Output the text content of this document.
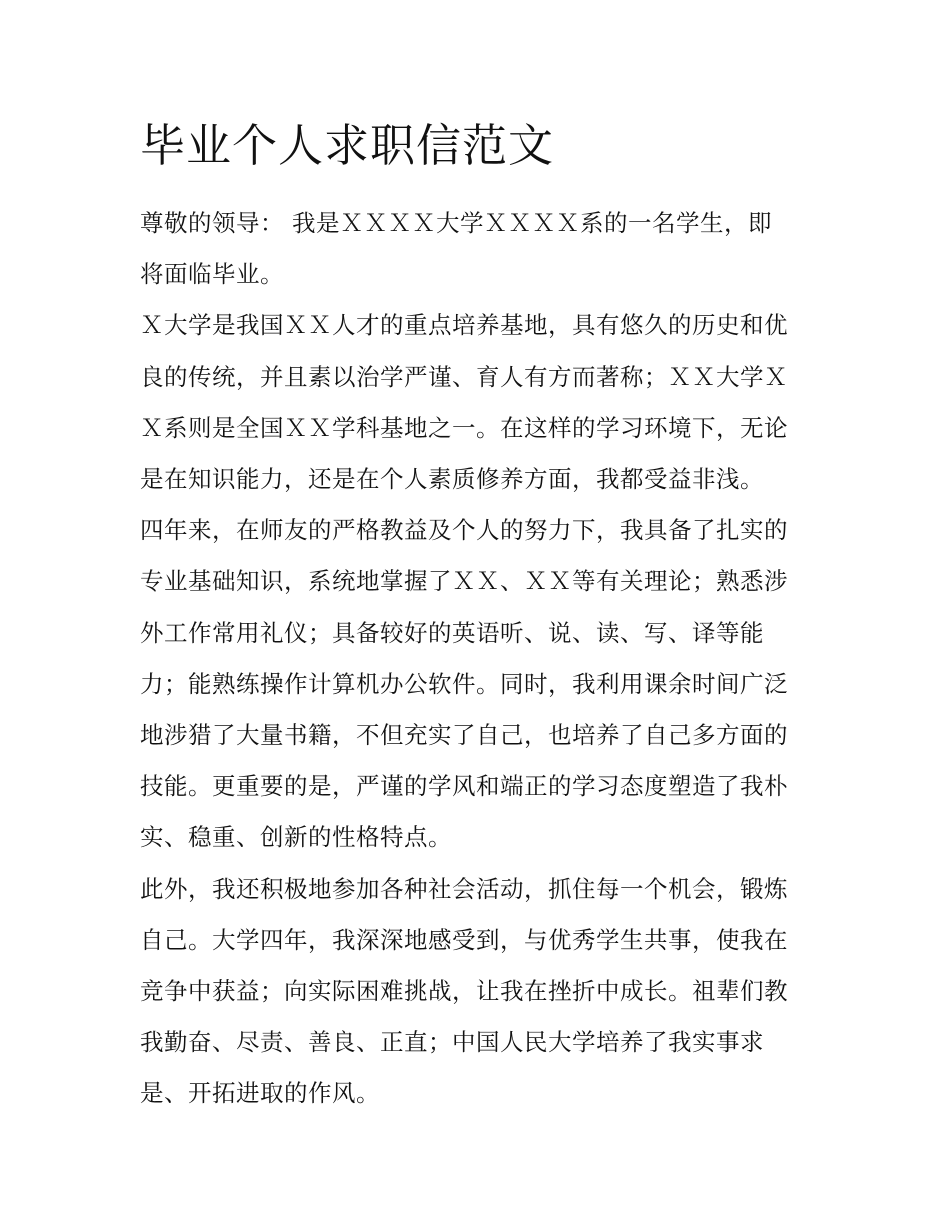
毕业个人求职信范文

尊敬的领导： 我是ＸＸＸＸ大学ＸＸＸＸ系的一名学生，即
将面临毕业。

Ｘ大学是我国ＸＸ人才的重点培养基地，具有悠久的历史和优
良的传统，并且素以治学严谨、育人有方而著称；ＸＸ大学Ｘ
Ｘ系则是全国ＸＸ学科基地之一。在这样的学习环境下，无论
是在知识能力，还是在个人素质修养方面，我都受益非浅。

四年来，在师友的严格教益及个人的努力下，我具备了扎实的
专业基础知识，系统地掌握了ＸＸ、ＸＸ等有关理论；熟悉涉
外工作常用礼仪；具备较好的英语听、说、读、写、译等能
力；能熟练操作计算机办公软件。同时，我利用课余时间广泛
地涉猎了大量书籍，不但充实了自己，也培养了自己多方面的
技能。更重要的是，严谨的学风和端正的学习态度塑造了我朴
实、稳重、创新的性格特点。

此外，我还积极地参加各种社会活动，抓住每一个机会，锻炼
自己。大学四年，我深深地感受到，与优秀学生共事，使我在
竞争中获益；向实际困难挑战，让我在挫折中成长。祖辈们教
我勤奋、尽责、善良、正直；中国人民大学培养了我实事求
是、开拓进取的作风。
